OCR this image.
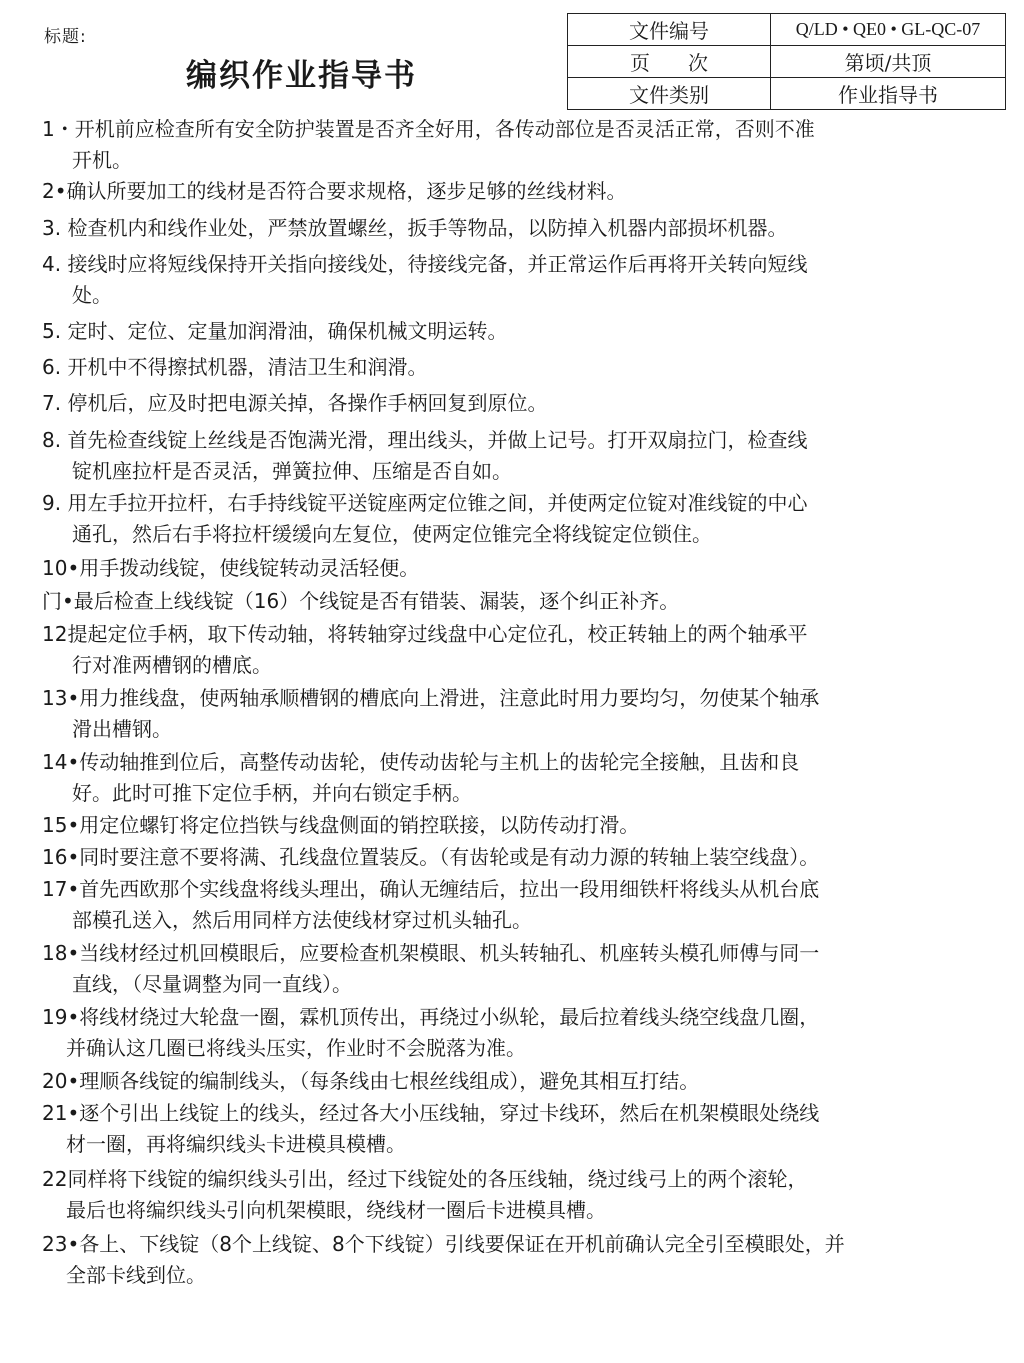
标题:
编织作业指导书
文件编号	Q/LD • QE0 • GL-QC-07
页次	第顷/共顶
文件类别	作业指导书
1・开机前应检查所有安全防护装置是否齐全好用，各传动部位是否灵活正常，否则不准
开机。
2•确认所要加工的线材是否符合要求规格，逐步足够的丝线材料。
3. 检查机内和线作业处，严禁放置螺丝，扳手等物品，以防掉入机器内部损坏机器。
4. 接线时应将短线保持开关指向接线处，待接线完备，并正常运作后再将开关转向短线
处。
5. 定时、定位、定量加润滑油，确保机械文明运转。
6. 开机中不得擦拭机器，清洁卫生和润滑。
7. 停机后，应及时把电源关掉，各操作手柄回复到原位。
8. 首先检查线锭上丝线是否饱满光滑，理出线头，并做上记号。打开双扇拉门，检查线
锭机座拉杆是否灵活，弹簧拉伸、压缩是否自如。
9. 用左手拉开拉杆，右手持线锭平送锭座两定位锥之间，并使两定位锭对准线锭的中心
通孔，然后右手将拉杆缓缓向左复位，使两定位锥完全将线锭定位锁住。
10•用手拨动线锭，使线锭转动灵活轻便。
门•最后检查上线线锭（16）个线锭是否有错装、漏装，逐个纠正补齐。
12提起定位手柄，取下传动轴，将转轴穿过线盘中心定位孔，校正转轴上的两个轴承平
行对准两槽钢的槽底。
13•用力推线盘，使两轴承顺槽钢的槽底向上滑进，注意此时用力要均匀，勿使某个轴承
滑出槽钢。
14•传动轴推到位后，高整传动齿轮，使传动齿轮与主机上的齿轮完全接触，且齿和良
好。此时可推下定位手柄，并向右锁定手柄。
15•用定位螺钉将定位挡铁与线盘侧面的销控联接，以防传动打滑。
16•同时要注意不要将满、孔线盘位置装反。（有齿轮或是有动力源的转轴上装空线盘）。
17•首先西欧那个实线盘将线头理出，确认无缠结后，拉出一段用细铁杆将线头从机台底
部模孔送入，然后用同样方法使线材穿过机头轴孔。
18•当线材经过机回模眼后，应要检查机架模眼、机头转轴孔、机座转头模孔师傅与同一
直线，（尽量调整为同一直线）。
19•将线材绕过大轮盘一圈，霖机顶传出，再绕过小纵轮，最后拉着线头绕空线盘几圈，
并确认这几圈已将线头压实，作业时不会脱落为准。
20•理顺各线锭的编制线头，（每条线由七根丝线组成），避免其相互打结。
21•逐个引出上线锭上的线头，经过各大小压线轴，穿过卡线环，然后在机架模眼处绕线
材一圈，再将编织线头卡进模具模槽。
22同样将下线锭的编织线头引出，经过下线锭处的各压线轴，绕过线弓上的两个滚轮，
最后也将编织线头引向机架模眼，绕线材一圈后卡进模具槽。
23•各上、下线锭（8个上线锭、8个下线锭）引线要保证在开机前确认完全引至模眼处，并
全部卡线到位。
